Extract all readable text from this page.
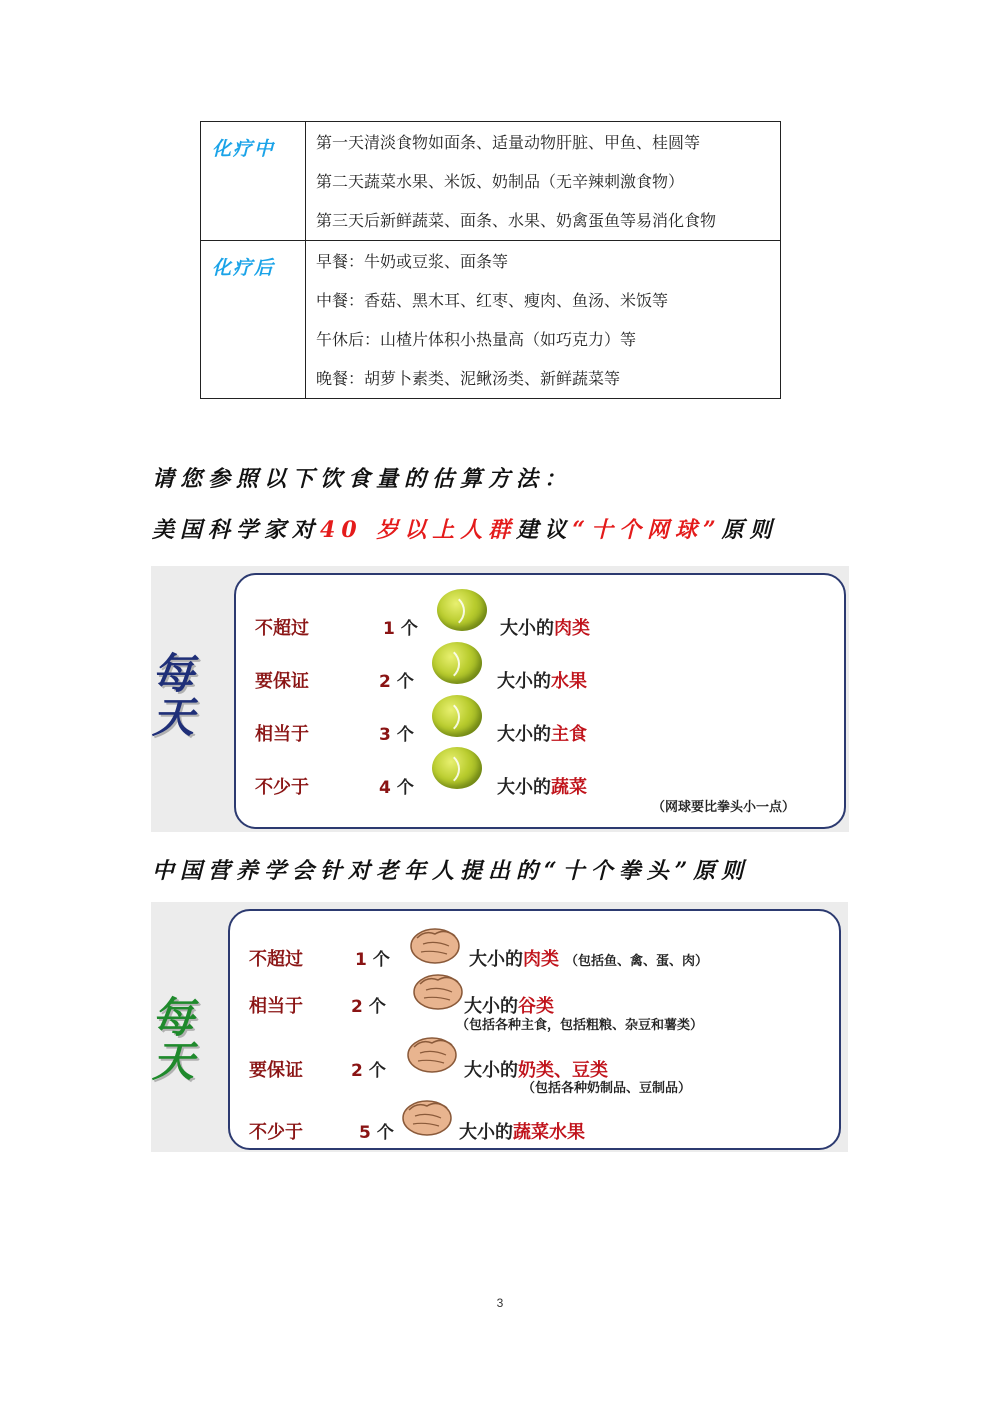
化疗中	第一天清淡食物如面条、适量动物肝脏、甲鱼、桂圆等
第二天蔬菜水果、米饭、奶制品（无辛辣刺激食物）
第三天后新鲜蔬菜、面条、水果、奶禽蛋鱼等易消化食物

化疗后	早餐：牛奶或豆浆、面条等
中餐：香菇、黑木耳、红枣、瘦肉、鱼汤、米饭等
午休后：山楂片体积小热量高（如巧克力）等
晚餐：胡萝卜素类、泥鳅汤类、新鲜蔬菜等
请您参照以下饮食量的估算方法：
美国科学家对40 岁以上人群建议“十个网球”原则
每天
不超过	1 个	大小的肉类
要保证	2 个	大小的水果
相当于	3 个	大小的主食
不少于	4 个	大小的蔬菜
（网球要比拳头小一点）
中国营养学会针对老年人提出的“十个拳头”原则
每天
不超过	1 个	大小的肉类 （包括鱼、禽、蛋、肉）
相当于	2 个	大小的谷类
（包括各种主食，包括粗粮、杂豆和薯类）
要保证	2 个	大小的奶类、豆类
（包括各种奶制品、豆制品）
不少于	5 个	大小的蔬菜水果
3
